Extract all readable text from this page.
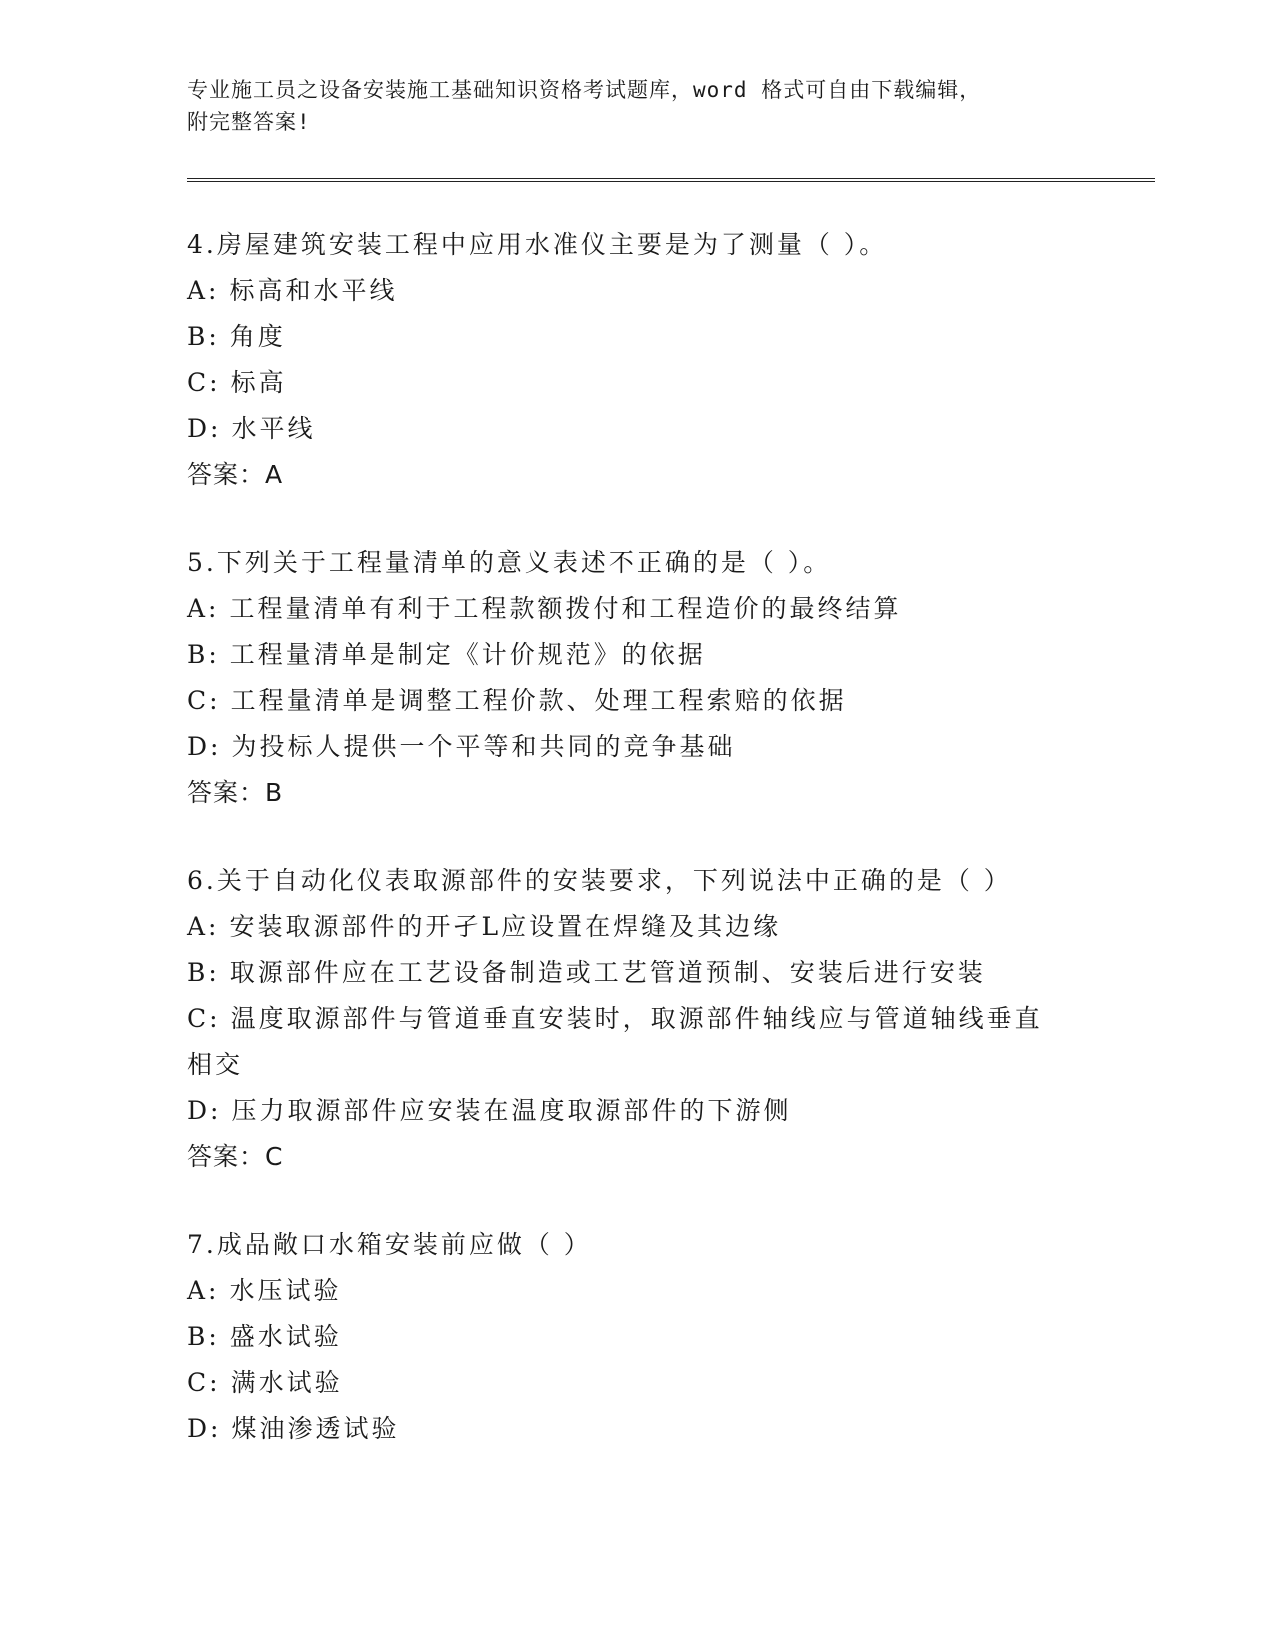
专业施工员之设备安装施工基础知识资格考试题库，word 格式可自由下载编辑，

附完整答案!

4.房屋建筑安装工程中应用水准仪主要是为了测量（ ）。

A: 标高和水平线

B: 角度

C: 标高

D: 水平线

答案：A

5.下列关于工程量清单的意义表述不正确的是（ ）。

A: 工程量清单有利于工程款额拨付和工程造价的最终结算

B: 工程量清单是制定《计价规范》的依据

C: 工程量清单是调整工程价款、处理工程索赔的依据

D: 为投标人提供一个平等和共同的竞争基础

答案：B

6.关于自动化仪表取源部件的安装要求，下列说法中正确的是（ ）

A: 安装取源部件的开孑L应设置在焊缝及其边缘

B: 取源部件应在工艺设备制造或工艺管道预制、安装后进行安装

C: 温度取源部件与管道垂直安装时，取源部件轴线应与管道轴线垂直

相交

D: 压力取源部件应安装在温度取源部件的下游侧

答案：C

7.成品敞口水箱安装前应做（ ）

A: 水压试验

B: 盛水试验

C: 满水试验

D: 煤油渗透试验
